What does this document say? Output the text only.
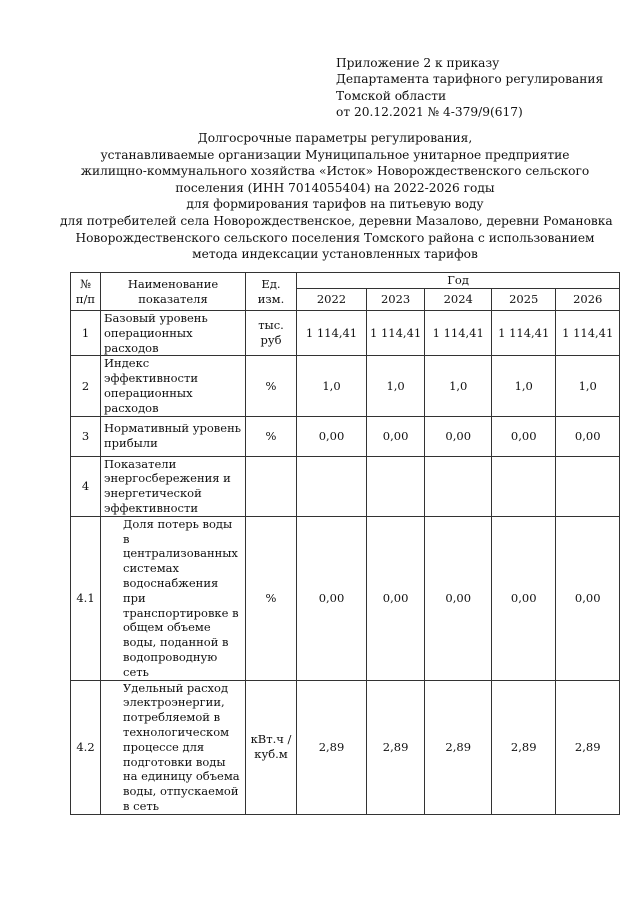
Приложение 2 к приказу
Департамента тарифного регулирования
Томской области
от 20.12.2021 № 4-379/9(617)
Долгосрочные параметры регулирования,
устанавливаемые организации Муниципальное унитарное предприятие
жилищно-коммунального хозяйства «Исток» Новорождественского сельского
поселения (ИНН 7014055404) на 2022-2026 годы
для формирования тарифов на питьевую воду
для потребителей села Новорождественское, деревни Мазалово, деревни Романовка
Новорождественского сельского поселения Томского района с использованием
метода индексации установленных тарифов
№ п/п	Наименование показателя	Ед. изм.	Год				
			2022	2023	2024	2025	2026
1	Базовый уровень операционных расходов	тыс. руб	1 114,41	1 114,41	1 114,41	1 114,41	1 114,41
2	Индекс эффективности операционных расходов	%	1,0	1,0	1,0	1,0	1,0
3	Нормативный уровень прибыли	%	0,00	0,00	0,00	0,00	0,00
4	Показатели энергосбережения и энергетической эффективности						
4.1	Доля потерь воды в централизованных системах водоснабжения при транспортировке в общем объеме воды, поданной в водопроводную сеть	%	0,00	0,00	0,00	0,00	0,00
4.2	Удельный расход электроэнергии, потребляемой в технологическом процессе для подготовки воды на единицу объема воды, отпускаемой в сеть	кВт.ч / куб.м	2,89	2,89	2,89	2,89	2,89
